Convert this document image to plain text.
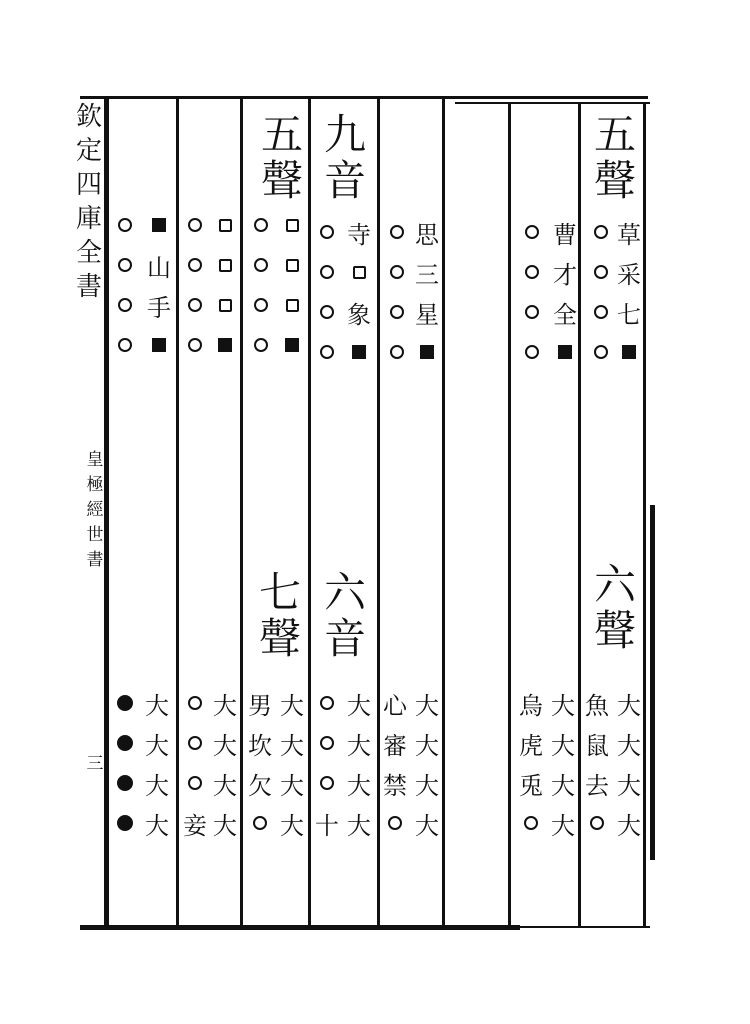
欽定四庫全書
皇極經世書
三
五聲
九音
五聲
七聲
六音
六聲
山
手
寺
象
思
三
星
曹
才
全
草
采
七
大
大
大
大 妾
大
大
大
大
男
坎
欠
大
大
大
大 十
大
大
大
大
心
審
禁
大
大
大
大
烏
虎
兎
大
大
大
大
魚
鼠
去
大
大
大
大
